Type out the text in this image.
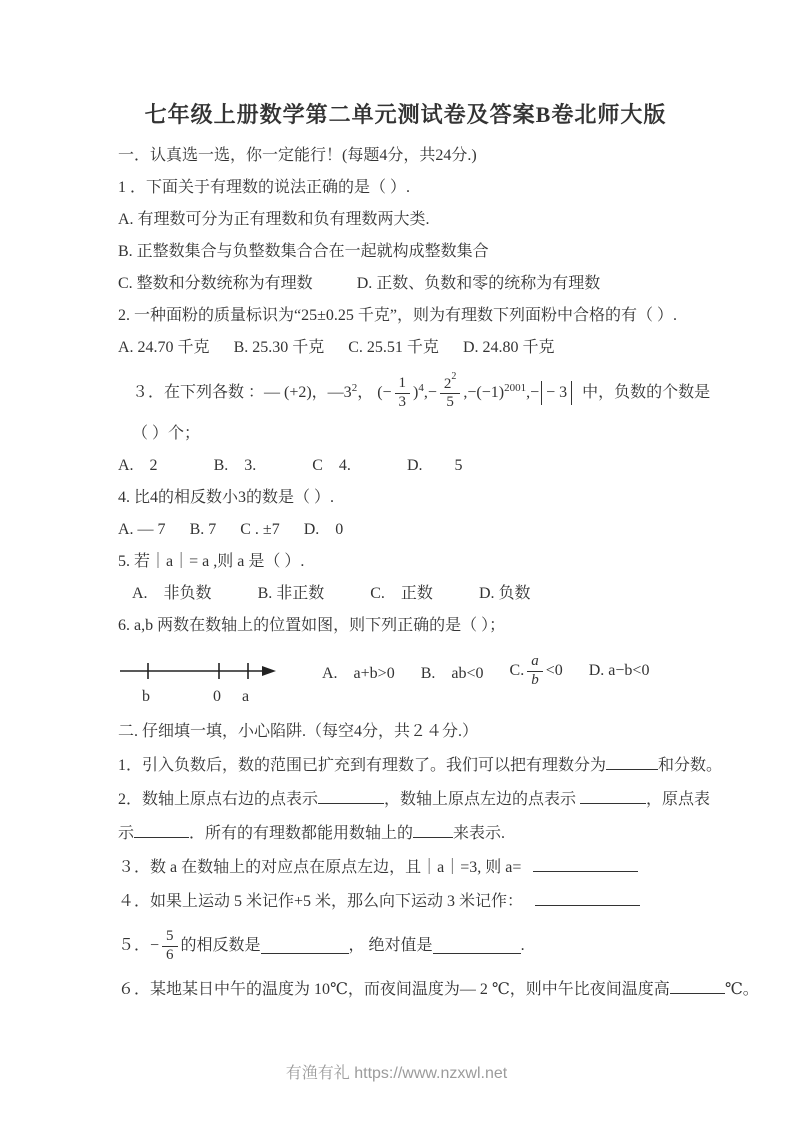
七年级上册数学第二单元测试卷及答案B卷北师大版

一．认真选一选，你一定能行！(每题4分，共24分.)

1 ．下面关于有理数的说法正确的是（ ）.

A. 有理数可分为正有理数和负有理数两大类.

B. 正整数集合与负整数集合合在一起就构成整数集合

C. 整数和分数统称为有理数	D. 正数、负数和零的统称为有理数

2. 一种面粉的质量标识为“25±0.25 千克”，则为有理数下列面粉中合格的有（ ）.

A. 24.70 千克 B. 25.30 千克 C. 25.51 千克 D. 24.80 千克

３．在下列各数 ：— (+2)，$—3^2$ ， (− $\frac{1}{3} )^4$ ,− $\frac{2^2}{5} ,-(-1)^{2001}$ ,− − 3 中，负数的个数是

（ ）个；

A.　2	B.　3.	C　4.	D.　　5

4. 比4的相反数小3的数是（ ）.

A. — 7 B. 7 C . ±7 D.　0

5. 若｜a｜= a ,则 a 是（ ）.

A.　非负数	B. 非正数	C.　正数	D. 负数

6. a,b 两数在数轴上的位置如图，则下列正确的是（ ）；

b	0 a
A.　a+b>0 B.　ab<0 C. $\frac{a}{b} <0$ D. a−b<0

二. 仔细填一填，小心陷阱.（每空4分，共２４分.）

1．引入负数后，数的范围已扩充到有理数了。我们可以把有理数分为	和分数。

2．数轴上原点右边的点表示	，数轴上原点左边的点表示	，原点表

示	．所有的有理数都能用数轴上的	来表示.

３．数 a 在数轴上的对应点在原点左边，且｜a｜=3, 则 a=

４．如果上运动 5 米记作+5 米，那么向下运动 3 米记作：

５．− $\frac{5}{6}$ 的相反数是	， 绝对值是	.

６．某地某日中午的温度为 10℃，而夜间温度为— 2 ℃，则中午比夜间温度高	℃。

有渔有礼 https://www.nzxwl.net
